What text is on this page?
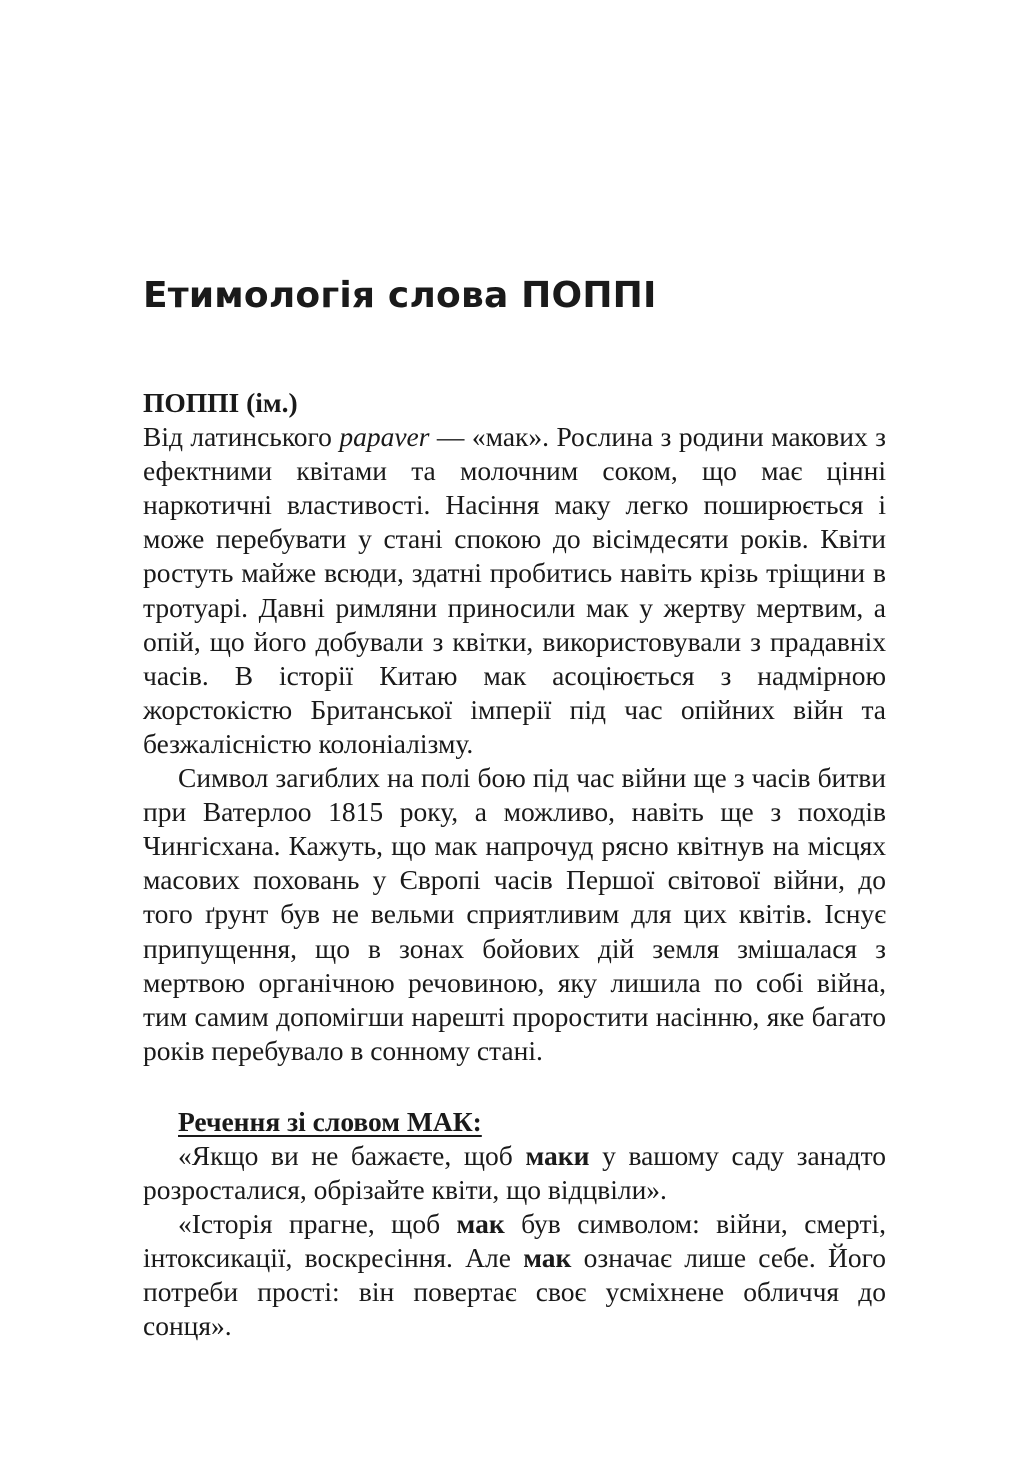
Етимологія слова ПОППІ
ПОППІ (ім.)

Від латинського papaver — «мак». Рослина з родини макових з ефектними квітами та молочним соком, що має цінні наркотичні властивості. Насіння маку легко поширюється і може перебувати у стані спокою до вісімдесяти років. Квіти ростуть майже всюди, здатні пробитись навіть крізь тріщини в тротуарі. Давні римляни приносили мак у жертву мертвим, а опій, що його добували з квітки, використовували з прадавніх часів. В історії Китаю мак асоціюється з надмірною жорстокістю Британської імперії під час опійних війн та безжалісністю колоніалізму.

Символ загиблих на полі бою під час війни ще з часів битви при Ватерлоо 1815 року, а можливо, навіть ще з походів Чингісхана. Кажуть, що мак напрочуд рясно квітнув на місцях масових поховань у Європі часів Першої світової війни, до того ґрунт був не вельми сприятливим для цих квітів. Існує припущення, що в зонах бойових дій земля змішалася з мертвою органічною речовиною, яку лишила по собі війна, тим самим допомігши нарешті проростити насінню, яке багато років перебувало в сонному стані.

Речення зі словом МАК:

«Якщо ви не бажаєте, щоб маки у вашому саду занадто розросталися, обрізайте квіти, що відцвіли».

«Історія прагне, щоб мак був символом: війни, смерті, інтоксикації, воскресіння. Але мак означає лише себе. Його потреби прості: він повертає своє усміхнене обличчя до сонця».
